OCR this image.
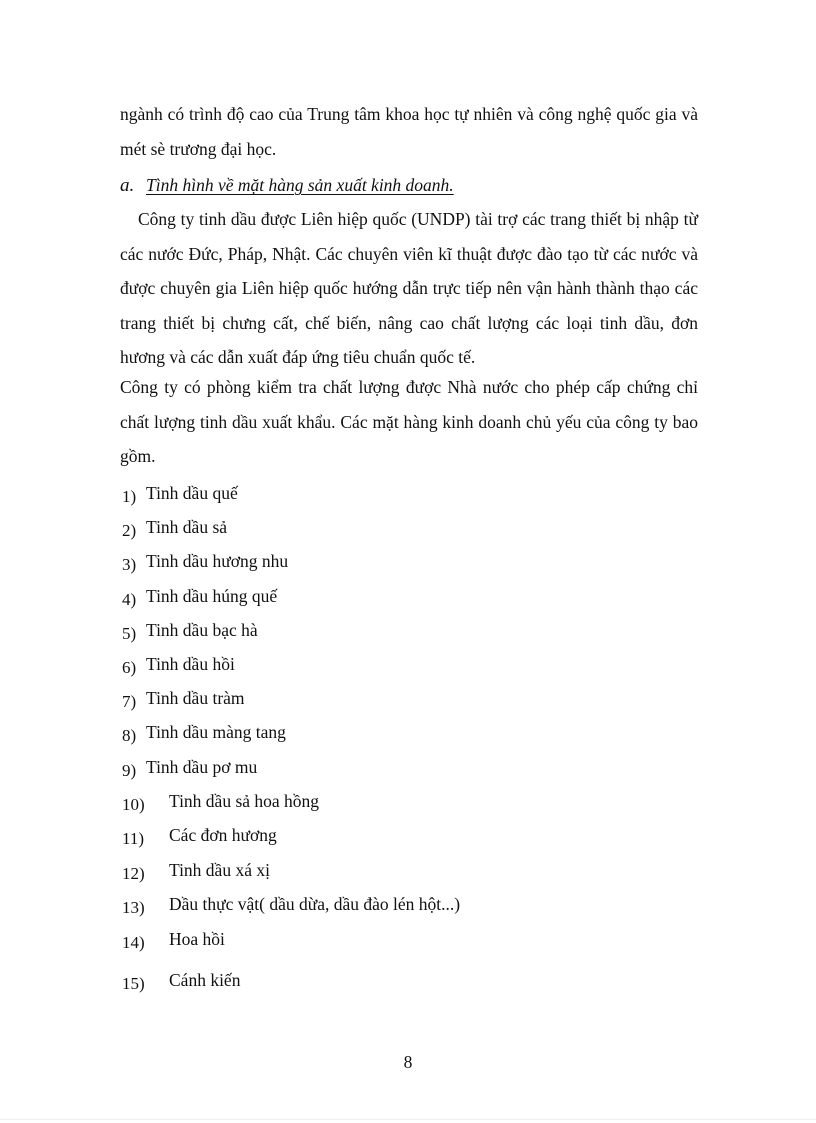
ngành có trình độ cao của Trung tâm khoa học tự nhiên và công nghệ quốc gia và mét sè trương đại học.

a. Tình hình về mặt hàng sản xuất kinh doanh.

Công ty tinh dầu được Liên hiệp quốc (UNDP) tài trợ các trang thiết bị nhập từ các nước Đức, Pháp, Nhật. Các chuyên viên kĩ thuật được đào tạo từ các nước và được chuyên gia Liên hiệp quốc hướng dẫn trực tiếp nên vận hành thành thạo các trang thiết bị chưng cất, chế biến, nâng cao chất lượng các loại tinh dầu, đơn hương và các dẫn xuất đáp ứng tiêu chuẩn quốc tế.

Công ty có phòng kiểm tra chất lượng được Nhà nước cho phép cấp chứng chỉ chất lượng tinh dầu xuất khẩu. Các mặt hàng kinh doanh chủ yếu của công ty bao gồm.

1) Tinh dầu quế
2) Tinh dầu sả
3) Tinh dầu hương nhu
4) Tinh dầu húng quế
5) Tinh dầu bạc hà
6) Tinh dầu hồi
7) Tinh dầu tràm
8) Tinh dầu màng tang
9) Tinh dầu pơ mu
10) Tinh dầu sả hoa hồng
11) Các đơn hương
12) Tinh dầu xá xị
13) Dầu thực vật( dầu dừa, dầu đào lén hột...)
14) Hoa hồi
15) Cánh kiến
8
